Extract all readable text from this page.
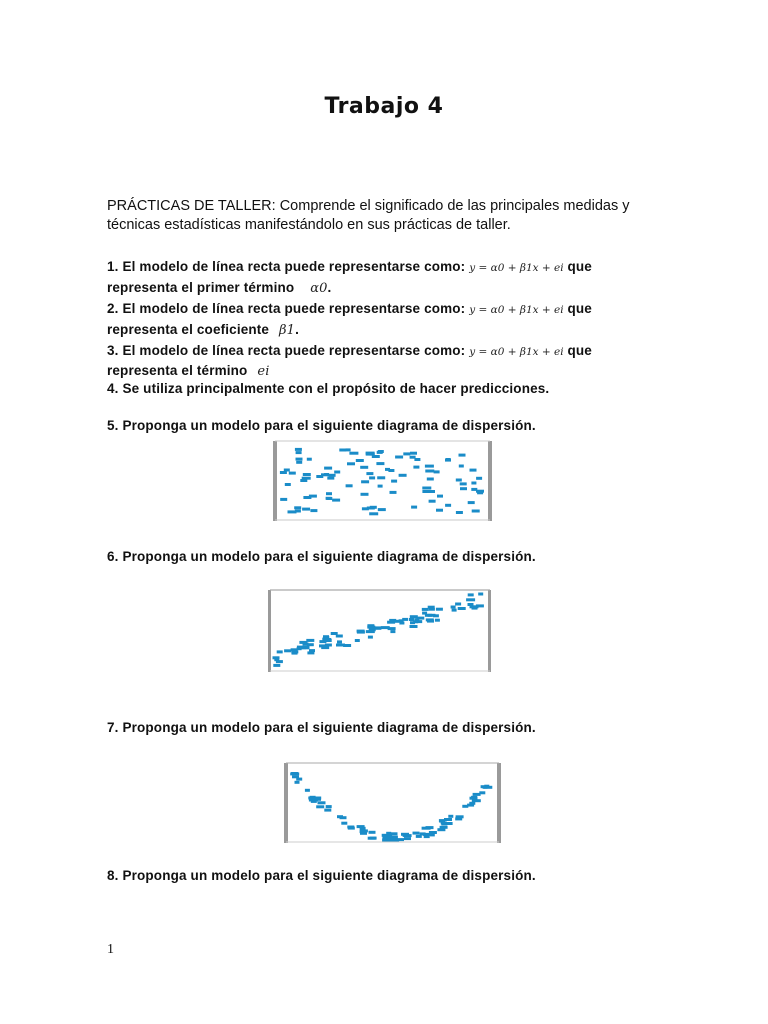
Trabajo 4
PRÁCTICAS DE TALLER: Comprende el significado de las principales medidas y técnicas estadísticas manifestándolo en sus prácticas de taller.
1. El modelo de línea recta puede representarse como: y = α0 + β1x + ei que
representa el primer término α0.
2. El modelo de línea recta puede representarse como: y = α0 + β1x + ei que
representa el coeficiente β1.
3. El modelo de línea recta puede representarse como: y = α0 + β1x + ei que
representa el término ei
4. Se utiliza principalmente con el propósito de hacer predicciones.
5. Proponga un modelo para el siguiente diagrama de dispersión.
6. Proponga un modelo para el siguiente diagrama de dispersión.
7. Proponga un modelo para el siguiente diagrama de dispersión.
8. Proponga un modelo para el siguiente diagrama de dispersión.
1
